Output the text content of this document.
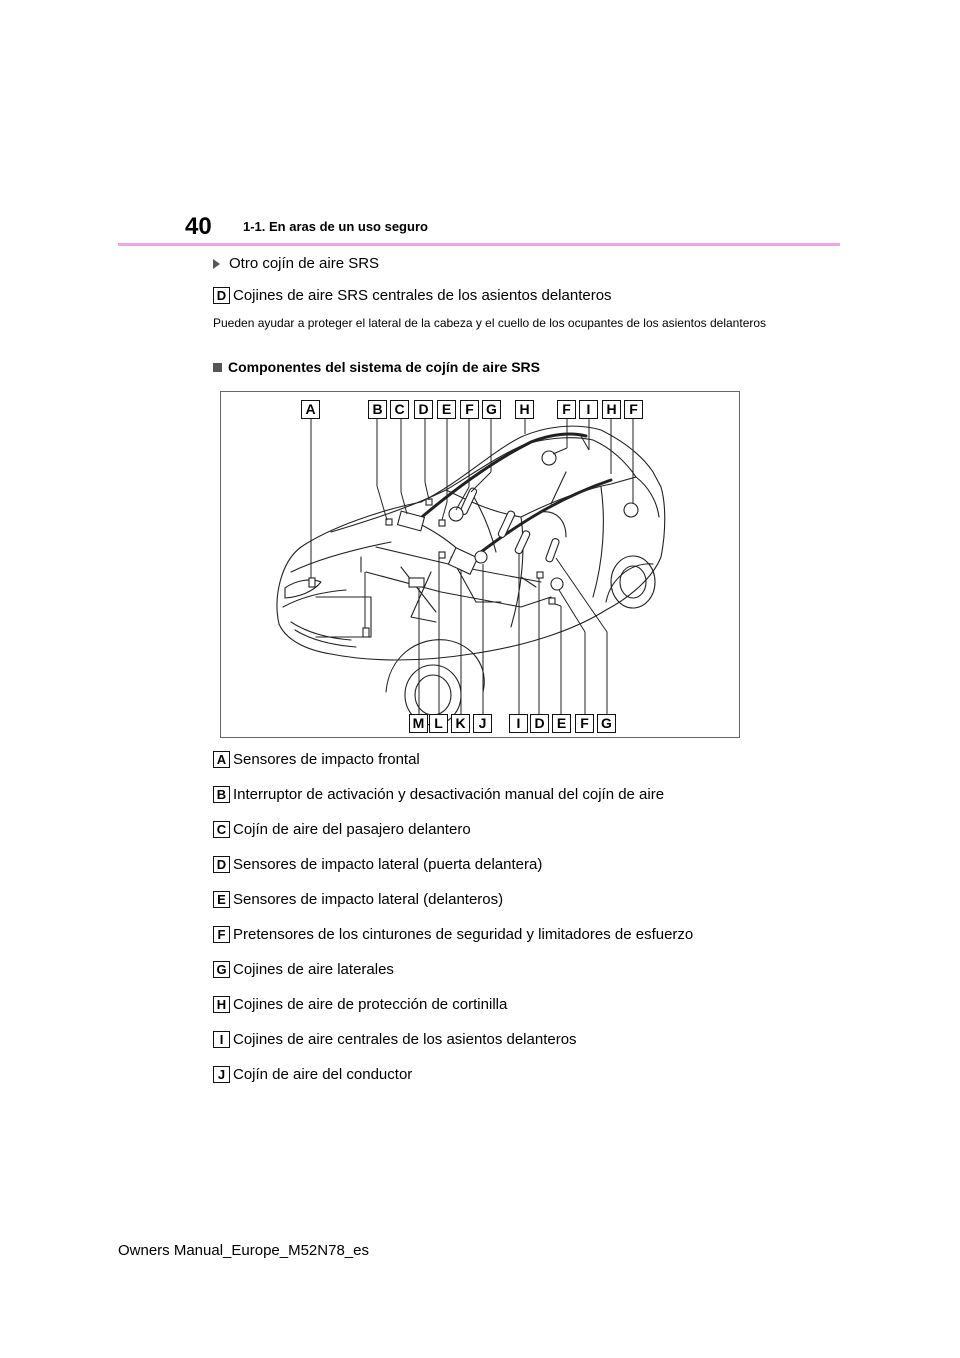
40 1-1. En aras de un uso seguro
Otro cojín de aire SRS
D Cojines de aire SRS centrales de los asientos delanteros
Pueden ayudar a proteger el lateral de la cabeza y el cuello de los ocupantes de los asientos delanteros
Componentes del sistema de cojín de aire SRS
A	B C D E	F G	H	F	I	H F
M L K J	I	D E	F G
A Sensores de impacto frontal
B Interruptor de activación y desactivación manual del cojín de aire
C Cojín de aire del pasajero delantero
D Sensores de impacto lateral (puerta delantera)
E Sensores de impacto lateral (delanteros)
F Pretensores de los cinturones de seguridad y limitadores de esfuerzo
G Cojines de aire laterales
H Cojines de aire de protección de cortinilla
I Cojines de aire centrales de los asientos delanteros
J Cojín de aire del conductor
Owners Manual_Europe_M52N78_es
